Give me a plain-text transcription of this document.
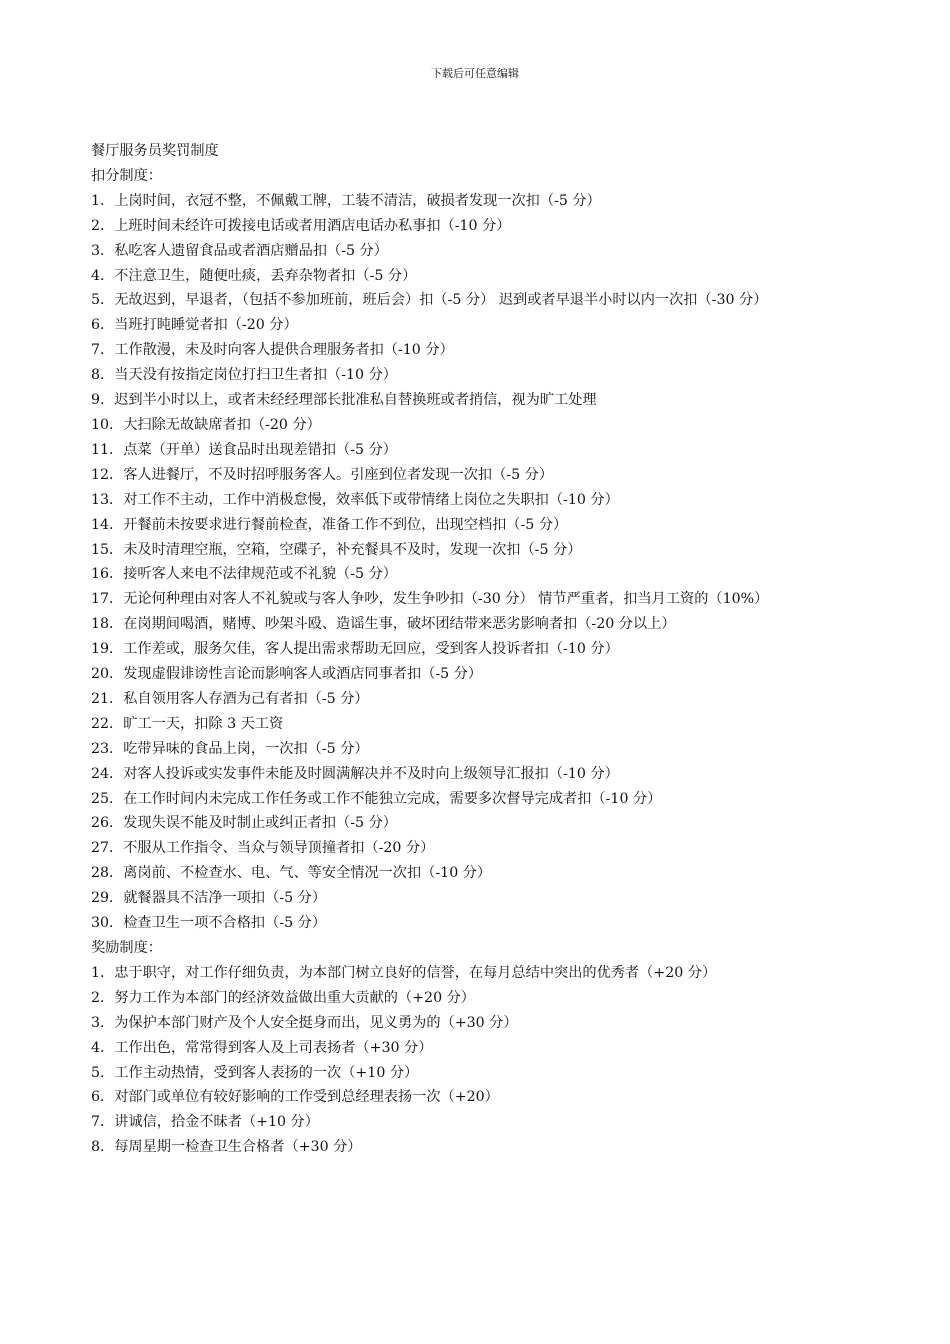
下载后可任意编辑
餐厅服务员奖罚制度
扣分制度：
1．上岗时间，衣冠不整，不佩戴工牌，工装不清洁，破损者发现一次扣（-5 分）
2．上班时间未经许可拨接电话或者用酒店电话办私事扣（-10 分）
3．私吃客人遗留食品或者酒店赠品扣（-5 分）
4．不注意卫生，随便吐痰，丢弃杂物者扣（-5 分）
5．无故迟到，早退者，（包括不参加班前，班后会）扣（-5 分） 迟到或者早退半小时以内一次扣（-30 分）
6．当班打盹睡觉者扣（-20 分）
7．工作散漫，未及时向客人提供合理服务者扣（-10 分）
8．当天没有按指定岗位打扫卫生者扣（-10 分）
9．迟到半小时以上，或者未经经理部长批准私自替换班或者捎信，视为旷工处理
10．大扫除无故缺席者扣（-20 分）
11．点菜（开单）送食品时出现差错扣（-5 分）
12．客人进餐厅，不及时招呼服务客人。引座到位者发现一次扣（-5 分）
13．对工作不主动，工作中消极怠慢，效率低下或带情绪上岗位之失职扣（-10 分）
14．开餐前未按要求进行餐前检查，准备工作不到位，出现空档扣（-5 分）
15．未及时清理空瓶，空箱，空碟子，补充餐具不及时，发现一次扣（-5 分）
16．接听客人来电不法律规范或不礼貌（-5 分）
17．无论何种理由对客人不礼貌或与客人争吵，发生争吵扣（-30 分） 情节严重者，扣当月工资的（10%）
18．在岗期间喝酒，赌博、吵架斗殴、造谣生事，破坏团结带来恶劣影响者扣（-20 分以上）
19．工作差或，服务欠佳，客人提出需求帮助无回应，受到客人投诉者扣（-10 分）
20．发现虚假诽谤性言论而影响客人或酒店同事者扣（-5 分）
21．私自领用客人存酒为己有者扣（-5 分）
22．旷工一天，扣除 3 天工资
23．吃带异味的食品上岗，一次扣（-5 分）
24．对客人投诉或实发事件未能及时圆满解决并不及时向上级领导汇报扣（-10 分）
25．在工作时间内未完成工作任务或工作不能独立完成，需要多次督导完成者扣（-10 分）
26．发现失误不能及时制止或纠正者扣（-5 分）
27．不服从工作指令、当众与领导顶撞者扣（-20 分）
28．离岗前、不检查水、电、气、等安全情况一次扣（-10 分）
29．就餐器具不洁净一项扣（-5 分）
30．检查卫生一项不合格扣（-5 分）
奖励制度：
1．忠于职守，对工作仔细负责，为本部门树立良好的信誉，在每月总结中突出的优秀者（+20 分）
2．努力工作为本部门的经济效益做出重大贡献的（+20 分）
3．为保护本部门财产及个人安全挺身而出，见义勇为的（+30 分）
4．工作出色，常常得到客人及上司表扬者（+30 分）
5．工作主动热情，受到客人表扬的一次（+10 分）
6．对部门或单位有较好影响的工作受到总经理表扬一次（+20）
7．讲诚信，拾金不昧者（+10 分）
8．每周星期一检查卫生合格者（+30 分）
